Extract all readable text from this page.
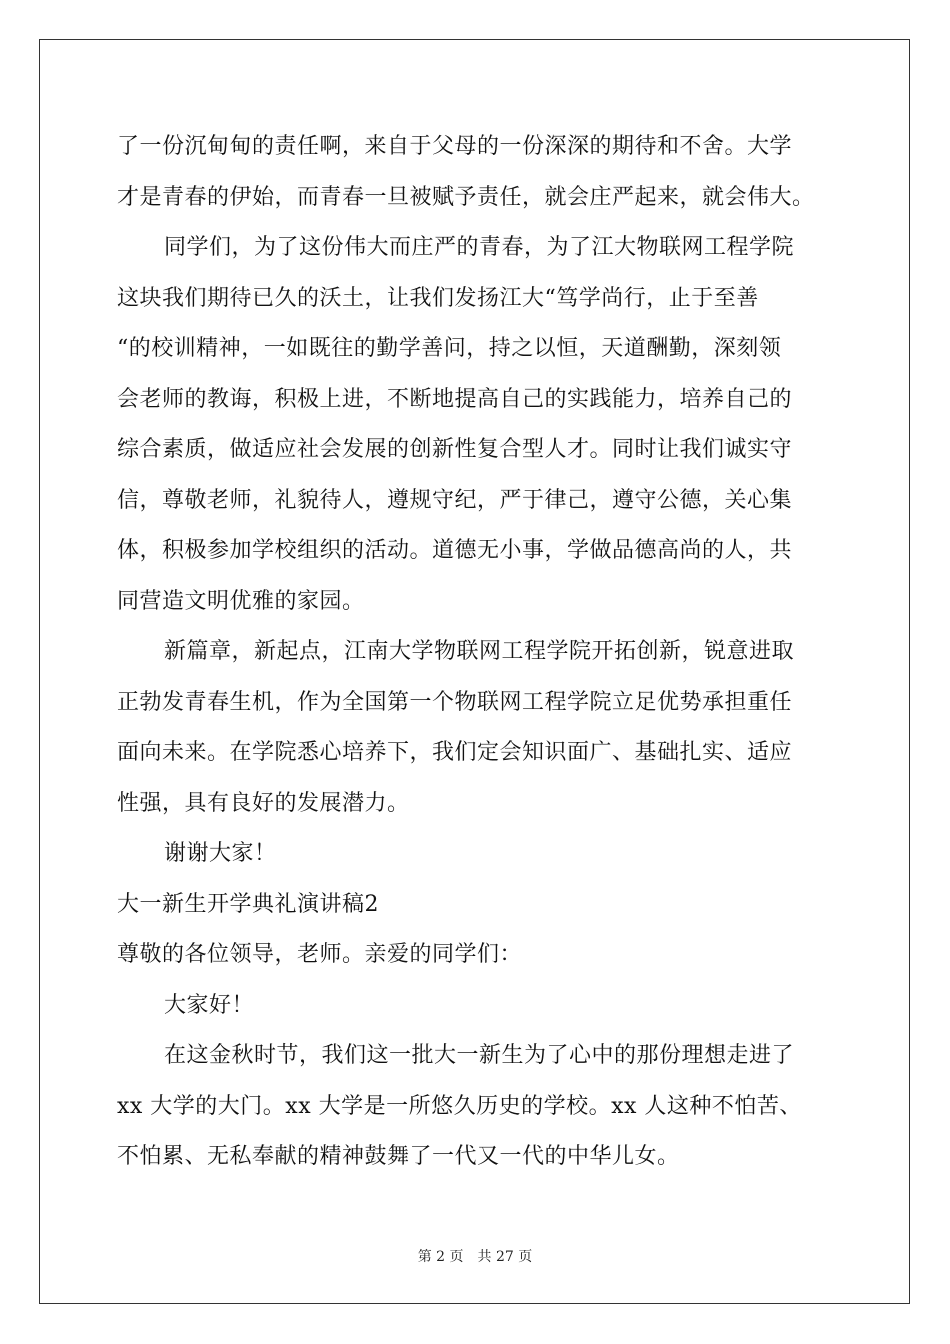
了一份沉甸甸的责任啊，来自于父母的一份深深的期待和不舍。大学
才是青春的伊始，而青春一旦被赋予责任，就会庄严起来，就会伟大。
同学们，为了这份伟大而庄严的青春，为了江大物联网工程学院
这块我们期待已久的沃土，让我们发扬江大“笃学尚行，止于至善
“的校训精神，一如既往的勤学善问，持之以恒，天道酬勤，深刻领
会老师的教诲，积极上进，不断地提高自己的实践能力，培养自己的
综合素质，做适应社会发展的创新性复合型人才。同时让我们诚实守
信，尊敬老师，礼貌待人，遵规守纪，严于律己，遵守公德，关心集
体，积极参加学校组织的活动。道德无小事，学做品德高尚的人，共
同营造文明优雅的家园。
新篇章，新起点，江南大学物联网工程学院开拓创新，锐意进取
正勃发青春生机，作为全国第一个物联网工程学院立足优势承担重任
面向未来。在学院悉心培养下，我们定会知识面广、基础扎实、适应
性强，具有良好的发展潜力。
谢谢大家！
大一新生开学典礼演讲稿2
尊敬的各位领导，老师。亲爱的同学们：
大家好！
在这金秋时节，我们这一批大一新生为了心中的那份理想走进了
xx 大学的大门。xx 大学是一所悠久历史的学校。xx 人这种不怕苦、
不怕累、无私奉献的精神鼓舞了一代又一代的中华儿女。
第 2 页 共 27 页
